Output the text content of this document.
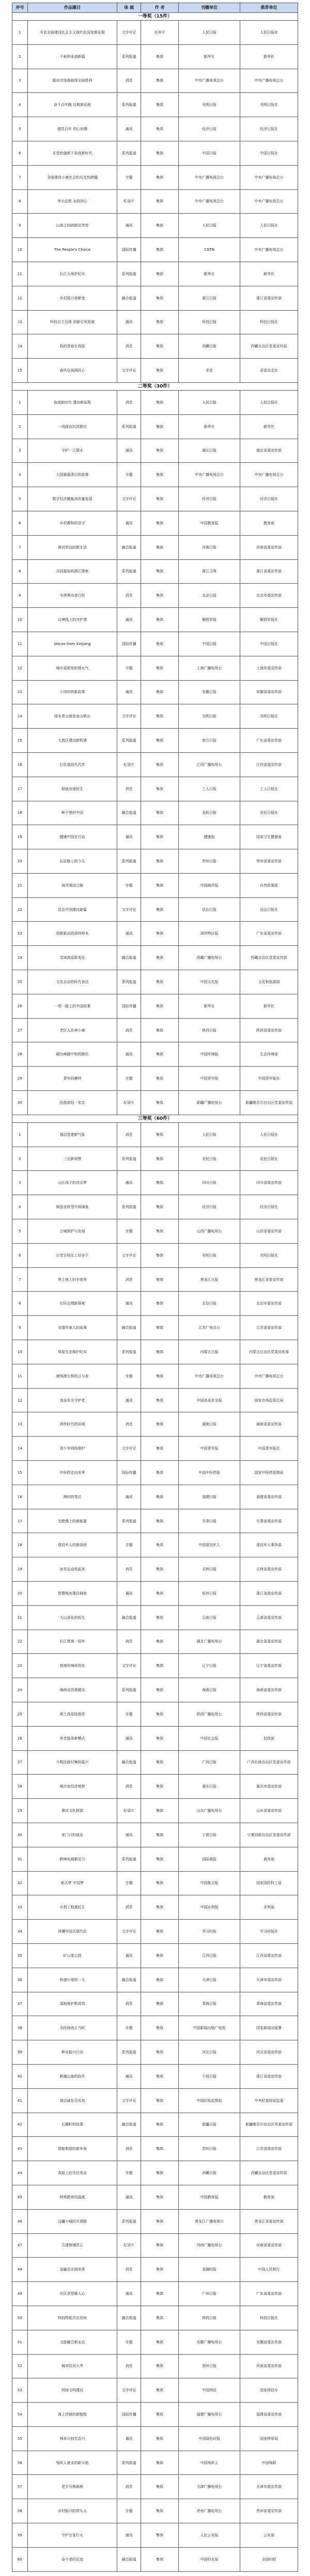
序号	作品题目	体 裁	作 者	刊播单位	推荐单位
一等奖（15件）					
1	开启全面建设社会主义现代化国家新征程	文字评论	任仲平	人民日报	人民日报社
2	千秋伟业谱新篇	系列报道	集体	新华社	新华社
3	脱贫攻坚战取得全面胜利	消息	集体	中央广播电视总台	中央广播电视总台
4	奋斗百年路 启航新征程	系列报道	集体	光明日报	光明日报社
5	建党百年 初心如磐	通讯	集体	经济日报	经济日报社
6	在党的旗帜下奋进新时代	系列报道	集体	中国日报	中国日报社
7	全面建成小康社会的历史性跨越	专题	集体	中央广播电视总台	中央广播电视总台
8	伟大征程 永恒初心	纪录片	集体	中央广播电视总台	中央广播电视总台
9	山海之间的脱贫答卷	通讯	集体	人民日报	人民日报社
10	The People's Choice	国际传播	集体	CGTN	中央广播电视总台
11	长江大保护纪实	系列报道	集体	新华社	新华社
12	乡村振兴看新变	融合报道	集体	浙江日报	浙江省委宣传部
13	科技自立自强 创新引领发展	通讯	集体	科技日报	科技日报社
14	我的青春在高原	消息	集体	西藏日报	西藏自治区党委宣传部
15	春风化雨润民心	文字评论	集体	求是	求是杂志社
二等奖（30件）					
1	奋进新时代 建功新征程	消息	集体	人民日报	人民日报社
2	一线探访抗洪救灾	系列报道	集体	新华社	新华社
3	守护一江碧水	通讯	集体	湖北日报	湖北省委宣传部
4	大国重器背后的故事	专题	集体	中央广播电视总台	中央广播电视总台
5	数字经济赋能高质量发展	文字评论	集体	经济日报	经济日报社
6	乡村教师的坚守	通讯	集体	中国教育报	教育部
7	黄河岸边的新生活	融合报道	集体	河南日报	河南省委宣传部
8	共同富裕的浙江探索	系列报道	集体	浙江卫视	浙江省委宣传部
9	冬奥筹办进行时	消息	集体	北京日报	北京市委宣传部
10	边境线上的守护者	通讯	集体	解放军报	解放军报社
11	Voices from Xinjiang	国际传播	集体	中国日报	中国日报社
12	城市更新里的烟火气	专题	集体	上海广播电视台	上海市委宣传部
13	小岗村的新故事	通讯	集体	安徽日报	安徽省委宣传部
14	绿水青山就是金山银山	文字评论	集体	光明日报	光明日报社
15	大湾区建设新机遇	系列报道	集体	南方日报	广东省委宣传部
16	红色基因代代传	纪录片	集体	江西广播电视台	江西省委宣传部
17	稳就业保民生	消息	集体	工人日报	工人日报社
18	种子里的中国	融合报道	集体	农民日报	农民日报社
19	健康中国在行动	通讯	集体	健康报	国家卫生健康委
20	长征路上的今天	系列报道	集体	贵州日报	贵州省委宣传部
21	海洋强国之路	专题	集体	中国海洋报	自然资源部
22	法治中国建设新篇	文字评论	集体	法治日报	法治日报社
23	创新驱动的深圳样本	通讯	集体	深圳特区报	广东省委宣传部
24	雪域高原新变化	融合报道	集体	西藏广播电视台	西藏自治区党委宣传部
25	文化自信的时代表达	系列报道	集体	中国文化报	文化和旅游部
26	一带一路上的中国故事	国际传播	集体	新华社	新华社
27	老区人民奔小康	消息	集体	陕西日报	陕西省委宣传部
28	碳达峰碳中和的路径	通讯	集体	中国环境报	生态环境部
29	青年的模样	专题	集体	中国青年报	中国青年报社
30	民族团结一家亲	纪录片	集体	新疆广播电视台	新疆维吾尔自治区党委宣传部
三等奖（60件）					
1	基层党建新气象	消息	集体	人民日报	人民日报社
2	三农新观察	系列报道	集体	农民日报	农民日报社
3	山区孩子的音乐梦	通讯	集体	四川日报	四川省委宣传部
4	制造业转型升级调查	系列报道	集体	经济日报	经济日报社
5	古城保护与发展	专题	集体	山西广播电视台	山西省委宣传部
6	让老百姓住上好房子	文字评论	集体	光明日报	光明日报社
7	黑土地上的丰收季	消息	集体	黑龙江日报	黑龙江省委宣传部
8	社区治理新探索	通讯	集体	北京日报	北京市委宣传部
9	非遗传承人的故事	融合报道	集体	江苏广电总台	江苏省委宣传部
10	草原生态保护纪实	系列报道	集体	内蒙古日报	内蒙古自治区党委宣传部
11	港珠澳大桥的日与夜	专题	集体	中央广播电视总台	中央广播电视总台
12	食品安全守护者	通讯	集体	中国食品安全报	国家市场监管总局
13	高铁时代的县城	消息	集体	湖南日报	湖南省委宣传部
14	青少年网络保护	文字评论	集体	中国青年报	中国青年报社
15	中医药走向世界	国际传播	集体	中国中医药报	国家中医药管理局
16	渔村的变迁	通讯	集体	福建日报	福建省委宣传部
17	戈壁滩上的新能源	系列报道	集体	甘肃日报	甘肃省委宣传部
18	退役军人的新战场	专题	集体	中国退役军人	退役军人事务部
19	冰雪运动热起来	消息	集体	吉林日报	吉林省委宣传部
20	智慧城市建设调查	通讯	集体	杭州日报	浙江省委宣传部
21	大山深处的医生	融合报道	集体	云南日报	云南省委宣传部
22	长江禁渔一周年	消息	集体	湖北广播电视台	湖北省委宣传部
23	营商环境再优化	文字评论	集体	辽宁日报	辽宁省委宣传部
24	海南自贸港建设	系列报道	集体	海南日报	海南省委宣传部
25	黄土高原绿意浓	专题	集体	陕西广播电视台	陕西省委宣传部
26	养老服务新模式	通讯	集体	中国社会报	民政部
27	少数民族村寨的振兴	融合报道	集体	广西日报	广西壮族自治区党委宣传部
28	城市夜经济观察	消息	集体	重庆日报	重庆市委宣传部
29	黄河文化探源	纪录片	集体	山东广播电视台	山东省委宣传部
30	家门口的就业	通讯	集体	宁夏日报	宁夏回族自治区党委宣传部
31	跨境电商新活力	系列报道	集体	国际商报	商务部
32	航天梦 中国梦	专题	集体	中国航天报	国家国防科工局
33	水利工程惠民生	消息	集体	中国水利报	水利部
34	读懂中国式现代化	文字评论	集体	学习时报	学习时报社
35	矿山变公园	通讯	集体	江西日报	江西省委宣传部
36	快递小哥的一天	融合报道	集体	天津日报	天津市委宣传部
37	湿地保护新成效	消息	集体	青海日报	青海省委宣传部
38	全民阅读正当时	专题	集体	中国新闻出版广电报	国家新闻出版署
39	种业振兴行动	系列报道	集体	河北日报	河北省委宣传部
40	跨越山海的协作	通讯	集体	宁波日报	浙江省委宣传部
41	基层减负见实效	文字评论	集体	中国纪检监察报	中央纪委国家监委
42	石榴籽的故事	融合报道	集体	新疆日报	新疆维吾尔自治区党委宣传部
43	智能制造的新车间	消息	集体	苏州日报	江苏省委宣传部
44	高原上的光伏电站	专题	集体	西藏日报	西藏自治区党委宣传部
45	特殊教育的温度	通讯	集体	中国教育报	教育部
46	边疆小城的开放路	系列报道	集体	黑龙江广播电视台	黑龙江省委宣传部
47	古建修缮匠心	纪录片	集体	河南广播电视台	河南省委宣传部
48	金融活水润实体	消息	集体	金融时报	中国人民银行
49	社区食堂暖人心	通讯	集体	广州日报	广东省委宣传部
50	科技特派员在田间	融合报道	集体	科技日报	科技日报社
51	文旅融合新业态	专题	集体	安徽广播电视台	安徽省委宣传部
52	城市防汛大考	消息	集体	郑州日报	河南省委宣传部
53	网络文明建设	文字评论	集体	中国网信	国家网信办
54	海上丝路的新航程	国际传播	集体	福建广播电视台	福建省委宣传部
55	林草兴则生态兴	通讯	集体	中国绿色时报	国家林草局
56	残疾人就业的新天地	系列报道	集体	中国残疾人	中国残联
57	老字号焕新颜	消息	集体	天津广播电视台	天津市委宣传部
58	乡村振兴的带头人	专题	集体	贵州广播电视台	贵州省委宣传部
59	守护万家灯火	通讯	集体	人民公安报	公安部
60	奋斗者的足迹	融合报道	集体	中国妇女报	全国妇联
